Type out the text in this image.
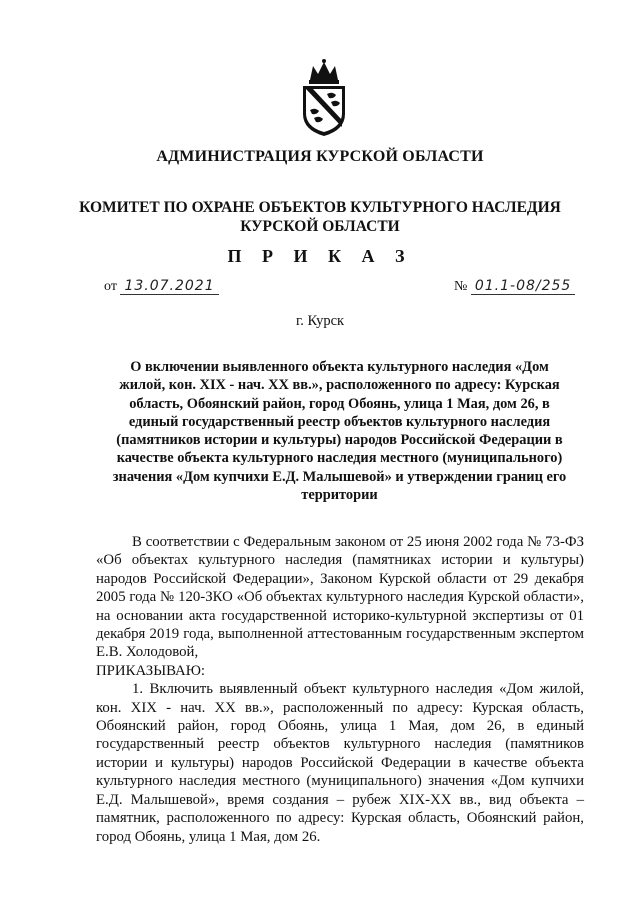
АДМИНИСТРАЦИЯ КУРСКОЙ ОБЛАСТИ
КОМИТЕТ ПО ОХРАНЕ ОБЪЕКТОВ КУЛЬТУРНОГО НАСЛЕДИЯ
КУРСКОЙ ОБЛАСТИ
П Р И К А З
от 13.07.2021	№ 01.1-08/255
г. Курск
О включении выявленного объекта культурного наследия «Дом
жилой, кон. XIX - нач. XX вв.», расположенного по адресу: Курская
область, Обоянский район, город Обоянь, улица 1 Мая, дом 26, в
единый государственный реестр объектов культурного наследия
(памятников истории и культуры) народов Российской Федерации в
качестве объекта культурного наследия местного (муниципального)
значения «Дом купчихи Е.Д. Малышевой» и утверждении границ его
территории

В соответствии с Федеральным законом от 25 июня 2002 года № 73-ФЗ «Об объектах культурного наследия (памятниках истории и культуры) народов Российской Федерации», Законом Курской области от 29 декабря 2005 года № 120-ЗКО «Об объектах культурного наследия Курской области», на основании акта государственной историко-культурной экспертизы от 01 декабря 2019 года, выполненной аттестованным государственным экспертом Е.В. Холодовой,

ПРИКАЗЫВАЮ:

1. Включить выявленный объект культурного наследия «Дом жилой, кон. XIX - нач. XX вв.», расположенный по адресу: Курская область, Обоянский район, город Обоянь, улица 1 Мая, дом 26, в единый государственный реестр объектов культурного наследия (памятников истории и культуры) народов Российской Федерации в качестве объекта культурного наследия местного (муниципального) значения «Дом купчихи Е.Д. Малышевой», время создания – рубеж XIX-XX вв., вид объекта – памятник, расположенного по адресу: Курская область, Обоянский район, город Обоянь, улица 1 Мая, дом 26.
